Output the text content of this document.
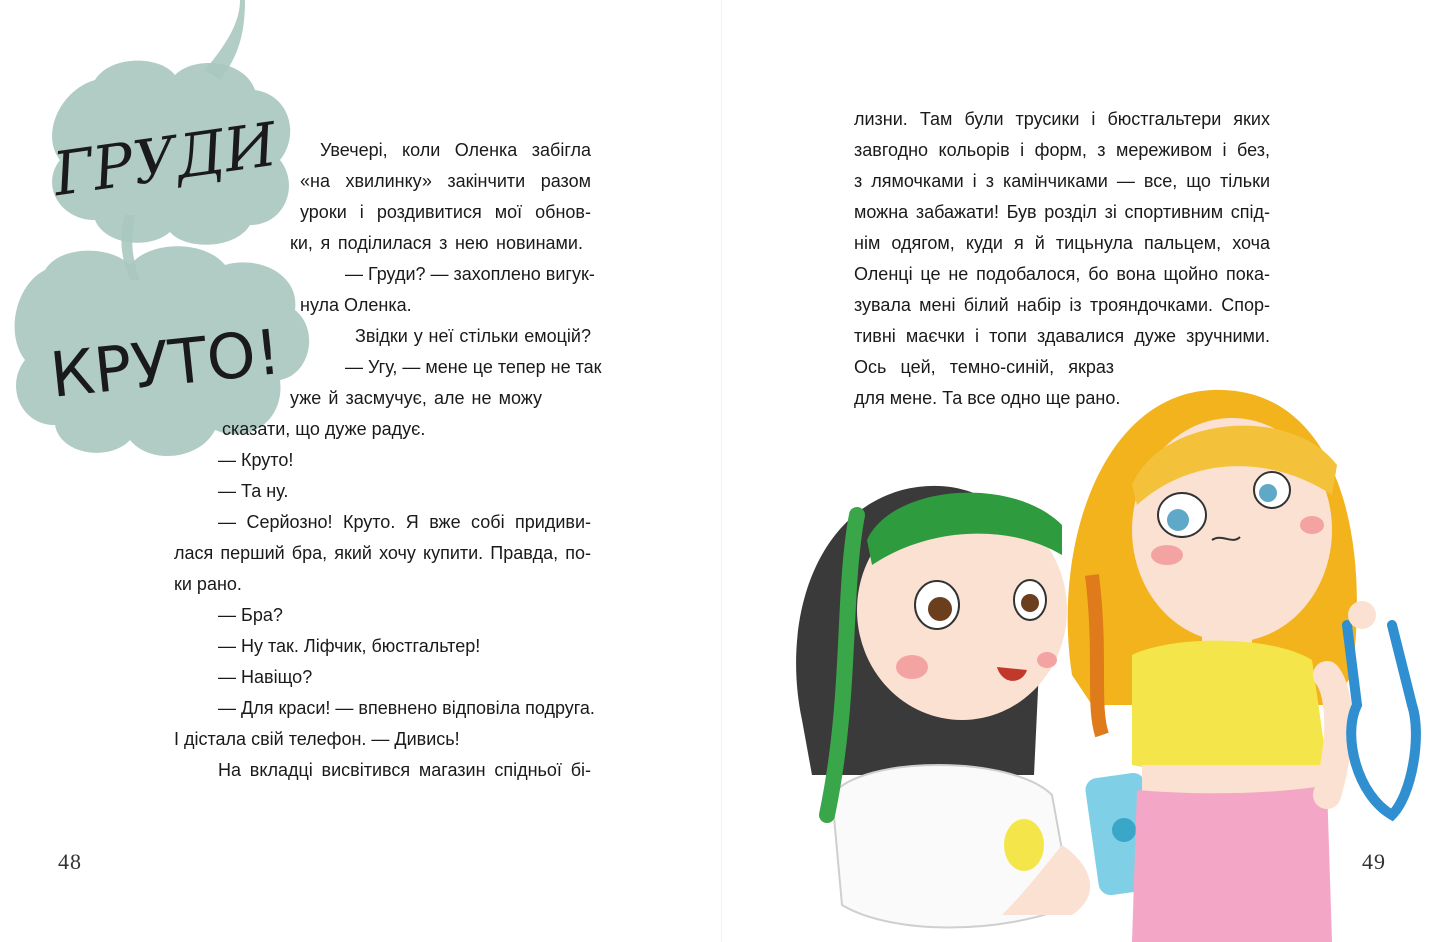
ГРУДИ
КРУТО!
Увечері, коли Оленка забігла
«на хвилинку» закінчити разом
уроки і роздивитися мої обнов-
ки, я поділилася з нею новинами.
— Груди? — захоплено вигук-
нула Оленка.
Звідки у неї стільки емоцій?
— Угу, — мене це тепер не так
уже й засмучує, але не можу
сказати, що дуже радує.
— Круто!
— Та ну.
— Серйозно! Круто. Я вже собі придиви-
лася перший бра, який хочу купити. Правда, по-
ки рано.
— Бра?
— Ну так. Ліфчик, бюстгальтер!
— Навіщо?
— Для краси! — впевнено відповіла подруга.
І дістала свій телефон. — Дивись!
На вкладці висвітився магазин спідньої бі-
48
лизни. Там були трусики і бюстгальтери яких
завгодно кольорів і форм, з мереживом і без,
з лямочками і з камінчиками — все, що тільки
можна забажати! Був розділ зі спортивним спід-
нім одягом, куди я й тицьнула пальцем, хоча
Оленці це не подобалося, бо вона щойно пока-
зувала мені білий набір із трояндочками. Спор-
тивні маєчки і топи здавалися дуже зручними.
Ось цей, темно-синій, якраз
для мене. Та все одно ще рано.
49
